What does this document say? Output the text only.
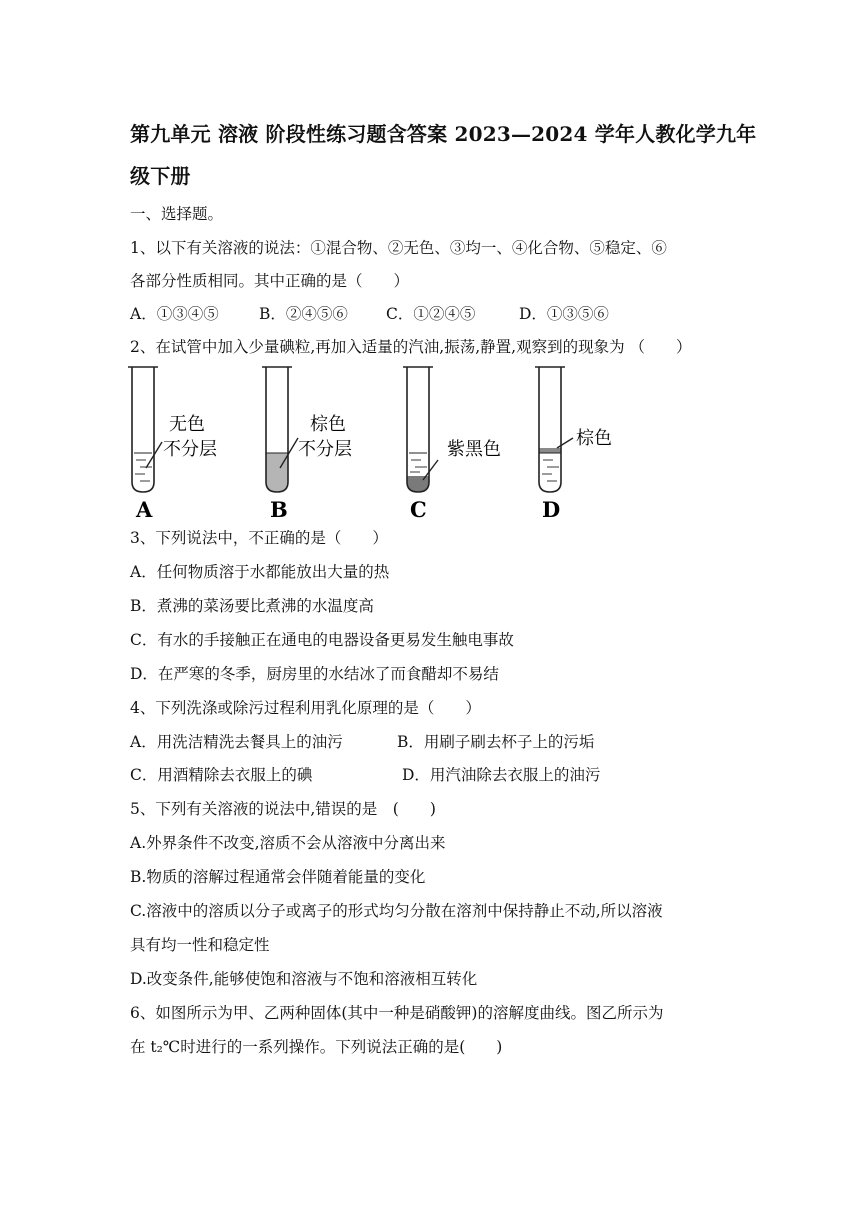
第九单元 溶液 阶段性练习题含答案 2023—2024 学年人教化学九年
级下册
一、选择题。
1、以下有关溶液的说法：①混合物、②无色、③均一、④化合物、⑤稳定、⑥
各部分性质相同。其中正确的是（　　）
A．①③④⑤	B．②④⑤⑥ C．①②④⑤	D．①③⑤⑥
2、在试管中加入少量碘粒,再加入适量的汽油,振荡,静置,观察到的现象为 （　　）
无色
不分层
A
棕色
不分层
B
紫黑色
C
棕色
D
3、下列说法中，不正确的是（　　）
A．任何物质溶于水都能放出大量的热
B．煮沸的菜汤要比煮沸的水温度高
C．有水的手接触正在通电的电器设备更易发生触电事故
D．在严寒的冬季，厨房里的水结冰了而食醋却不易结
4、下列洗涤或除污过程利用乳化原理的是（　　）
A．用洗洁精洗去餐具上的油污	B．用刷子刷去杯子上的污垢
C．用酒精除去衣服上的碘	D．用汽油除去衣服上的油污
5、下列有关溶液的说法中,错误的是　(　　)
A.外界条件不改变,溶质不会从溶液中分离出来
B.物质的溶解过程通常会伴随着能量的变化
C.溶液中的溶质以分子或离子的形式均匀分散在溶剂中保持静止不动,所以溶液
具有均一性和稳定性
D.改变条件,能够使饱和溶液与不饱和溶液相互转化
6、如图所示为甲、乙两种固体(其中一种是硝酸钾)的溶解度曲线。图乙所示为
在 t₂℃时进行的一系列操作。下列说法正确的是(　　)
